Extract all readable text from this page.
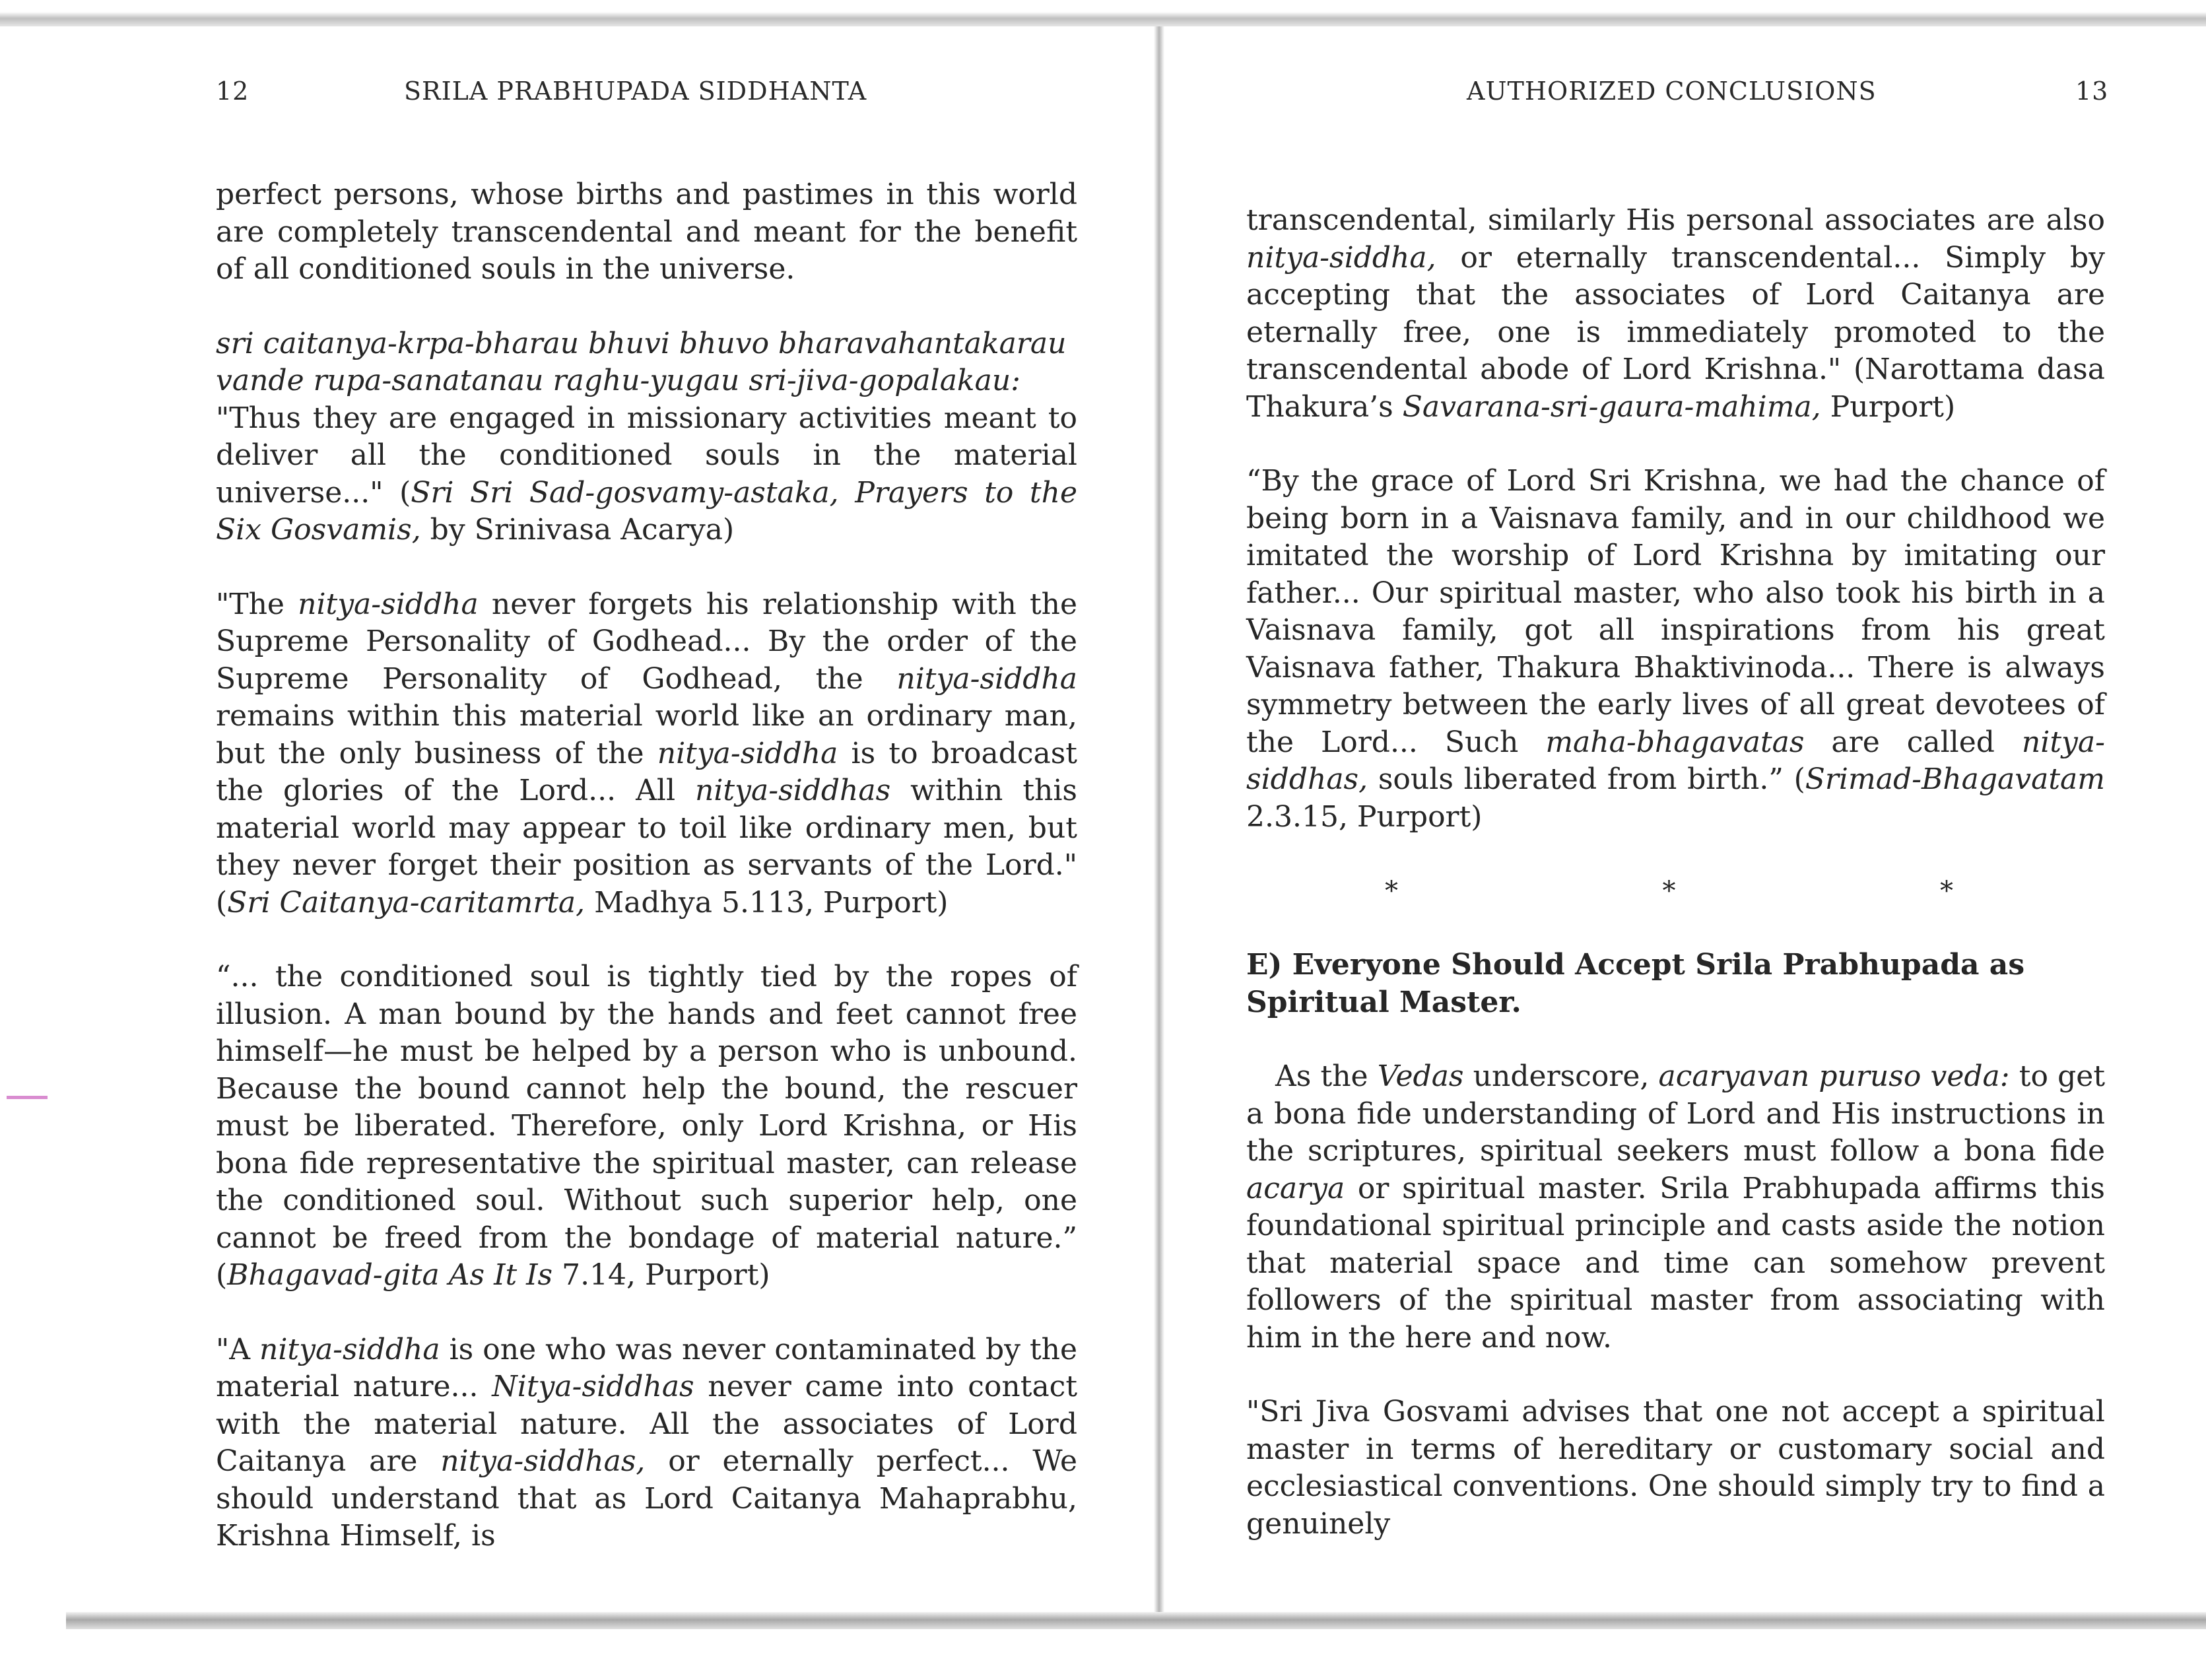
12	SRILA PRABHUPADA SIDDHANTA

perfect persons, whose births and pastimes in this world are completely transcendental and meant for the benefit of all conditioned souls in the universe.

sri caitanya-krpa-bharau bhuvi bhuvo bharavahantakarau
vande rupa-sanatanau raghu-yugau sri-jiva-gopalakau:

"Thus they are engaged in missionary activities meant to deliver all the conditioned souls in the material universe..." (Sri Sri Sad-gosvamy-astaka, Prayers to the Six Gosvamis, by Srinivasa Acarya)

"The nitya-siddha never forgets his relationship with the Supreme Personality of Godhead... By the order of the Supreme Personality of Godhead, the nitya-siddha remains within this material world like an ordinary man, but the only business of the nitya-siddha is to broadcast the glories of the Lord... All nitya-siddhas within this material world may appear to toil like ordinary men, but they never forget their position as servants of the Lord." (Sri Caitanya-caritamrta, Madhya 5.113, Purport)

“... the conditioned soul is tightly tied by the ropes of illusion. A man bound by the hands and feet cannot free himself—he must be helped by a person who is unbound. Because the bound cannot help the bound, the rescuer must be liberated. Therefore, only Lord Krishna, or His bona fide representative the spiritual master, can release the conditioned soul. Without such superior help, one cannot be freed from the bondage of material nature.” (Bhagavad-gita As It Is 7.14, Purport)

"A nitya-siddha is one who was never contaminated by the material nature... Nitya-siddhas never came into contact with the material nature. All the associates of Lord Caitanya are nitya-siddhas, or eternally perfect... We should understand that as Lord Caitanya Mahaprabhu, Krishna Himself, is

AUTHORIZED CONCLUSIONS	13

transcendental, similarly His personal associates are also nitya-siddha, or eternally transcendental... Simply by accepting that the associates of Lord Caitanya are eternally free, one is immediately promoted to the transcendental abode of Lord Krishna." (Narottama dasa Thakura’s Savarana-sri-gaura-mahima, Purport)

“By the grace of Lord Sri Krishna, we had the chance of being born in a Vaisnava family, and in our childhood we imitated the worship of Lord Krishna by imitating our father... Our spiritual master, who also took his birth in a Vaisnava family, got all inspirations from his great Vaisnava father, Thakura Bhaktivinoda... There is always symmetry between the early lives of all great devotees of the Lord... Such maha-bhagavatas are called nitya-siddhas, souls liberated from birth.” (Srimad-Bhagavatam 2.3.15, Purport)

*	*	*

E) Everyone Should Accept Srila Prabhupada as Spiritual Master.

As the Vedas underscore, acaryavan puruso veda: to get a bona fide understanding of Lord and His instructions in the scriptures, spiritual seekers must follow a bona fide acarya or spiritual master. Srila Prabhupada affirms this foundational spiritual principle and casts aside the notion that material space and time can somehow prevent followers of the spiritual master from associating with him in the here and now.

"Sri Jiva Gosvami advises that one not accept a spiritual master in terms of hereditary or customary social and ecclesiastical conventions. One should simply try to find a genuinely
